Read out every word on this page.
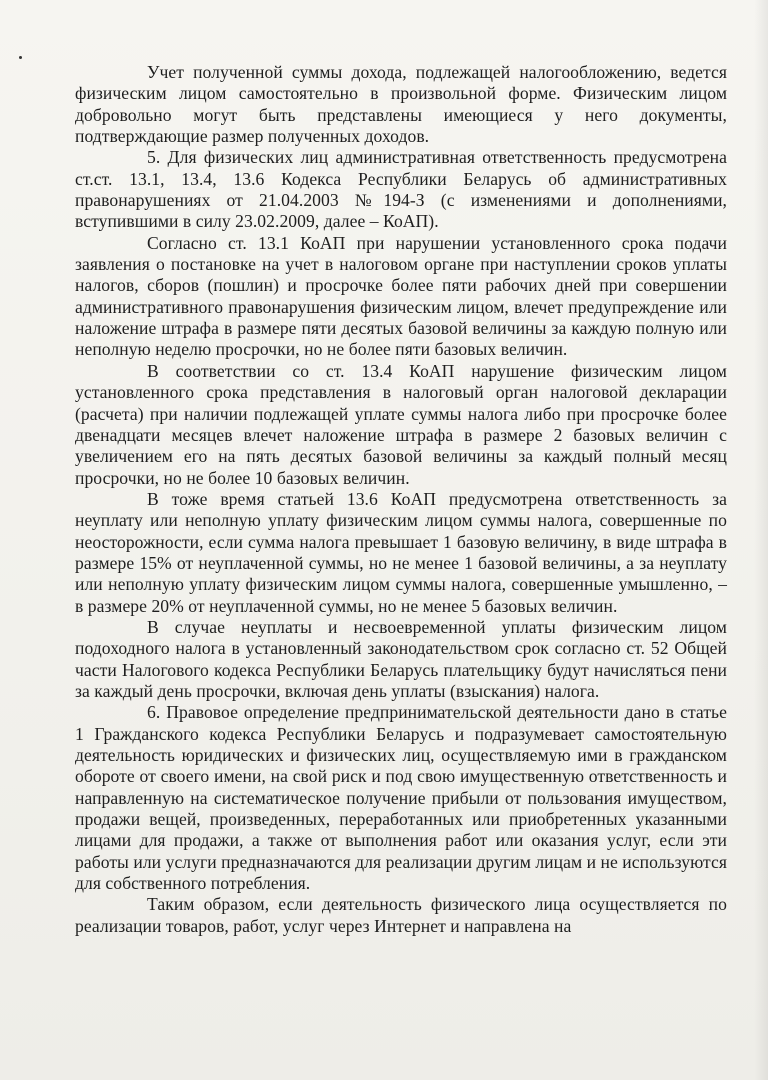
Учет полученной суммы дохода, подлежащей налогообложению, ведется физическим лицом самостоятельно в произвольной форме. Физическим лицом добровольно могут быть представлены имеющиеся у него документы, подтверждающие размер полученных доходов.

5. Для физических лиц административная ответственность предусмотрена ст.ст. 13.1, 13.4, 13.6 Кодекса Республики Беларусь об административных правонарушениях от 21.04.2003 №194-З (с изменениями и дополнениями, вступившими в силу 23.02.2009, далее – КоАП).

Согласно ст. 13.1 КоАП при нарушении установленного срока подачи заявления о постановке на учет в налоговом органе при наступлении сроков уплаты налогов, сборов (пошлин) и просрочке более пяти рабочих дней при совершении административного правонарушения физическим лицом, влечет предупреждение или наложение штрафа в размере пяти десятых базовой величины за каждую полную или неполную неделю просрочки, но не более пяти базовых величин.

В соответствии со ст. 13.4 КоАП нарушение физическим лицом установленного срока представления в налоговый орган налоговой декларации (расчета) при наличии подлежащей уплате суммы налога либо при просрочке более двенадцати месяцев влечет наложение штрафа в размере 2 базовых величин с увеличением его на пять десятых базовой величины за каждый полный месяц просрочки, но не более 10 базовых величин.

В тоже время статьей 13.6 КоАП предусмотрена ответственность за неуплату или неполную уплату физическим лицом суммы налога, совершенные по неосторожности, если сумма налога превышает 1 базовую величину, в виде штрафа в размере 15% от неуплаченной суммы, но не менее 1 базовой величины, а за неуплату или неполную уплату физическим лицом суммы налога, совершенные умышленно, – в размере 20% от неуплаченной суммы, но не менее 5 базовых величин.

В случае неуплаты и несвоевременной уплаты физическим лицом подоходного налога в установленный законодательством срок согласно ст. 52 Общей части Налогового кодекса Республики Беларусь плательщику будут начисляться пени за каждый день просрочки, включая день уплаты (взыскания) налога.

6. Правовое определение предпринимательской деятельности дано в статье 1 Гражданского кодекса Республики Беларусь и подразумевает самостоятельную деятельность юридических и физических лиц, осуществляемую ими в гражданском обороте от своего имени, на свой риск и под свою имущественную ответственность и направленную на систематическое получение прибыли от пользования имуществом, продажи вещей, произведенных, переработанных или приобретенных указанными лицами для продажи, а также от выполнения работ или оказания услуг, если эти работы или услуги предназначаются для реализации другим лицам и не используются для собственного потребления.

Таким образом, если деятельность физического лица осуществляется по реализации товаров, работ, услуг через Интернет и направлена на
